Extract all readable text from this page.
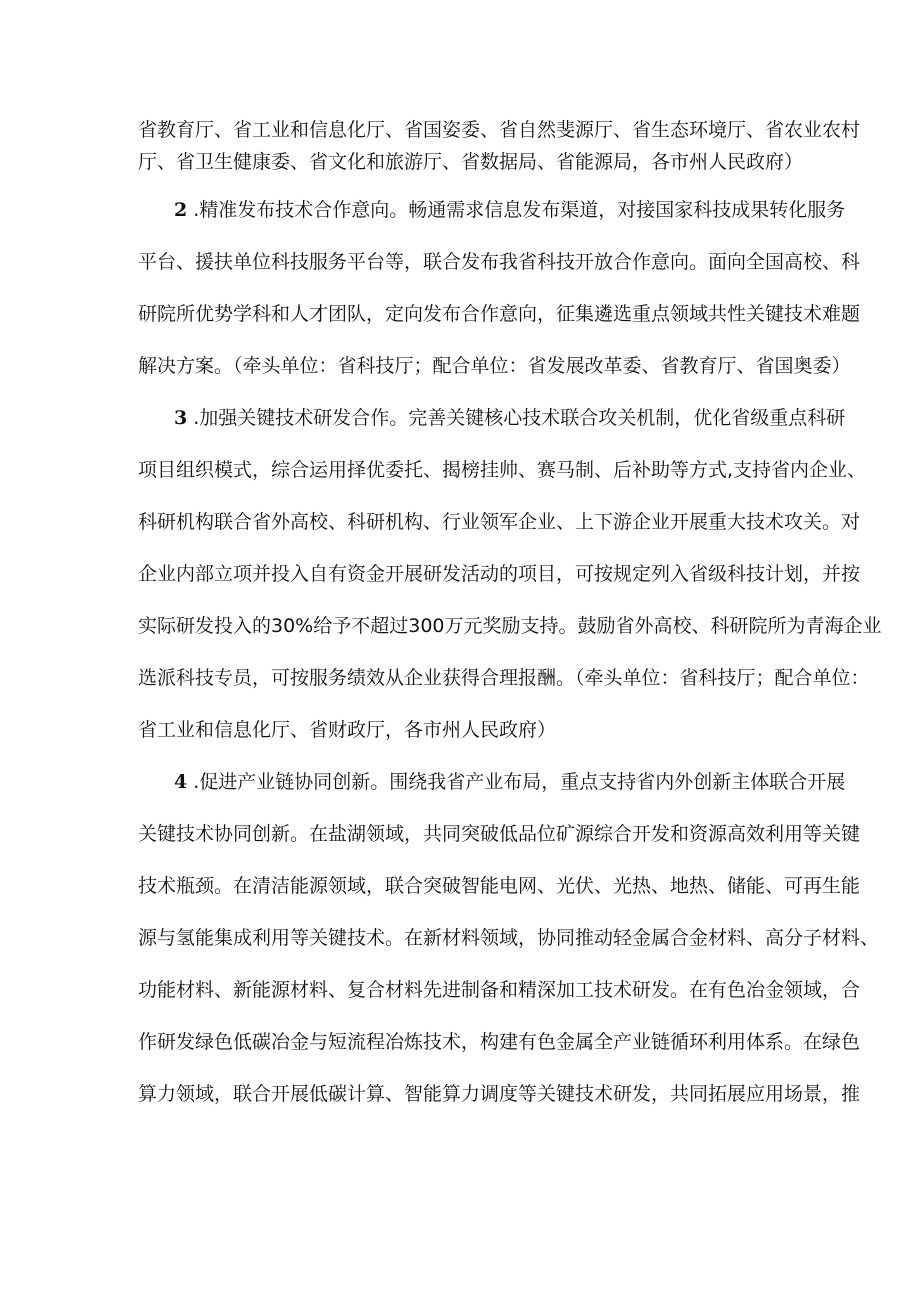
省教育厅、省工业和信息化厅、省国姿委、省自然斐源厅、省生态环境厅、省农业农村
厅、省卫生健康委、省文化和旅游厅、省数据局、省能源局，各市州人民政府）
2 .精准发布技术合作意向。畅通需求信息发布渠道，对接国家科技成果转化服务
平台、援扶单位科技服务平台等，联合发布我省科技开放合作意向。面向全国高校、科
研院所优势学科和人才团队，定向发布合作意向，征集遴选重点领域共性关键技术难题
解决方案。（牵头单位：省科技厅；配合单位：省发展改革委、省教育厅、省国奥委）
3 .加强关键技术研发合作。完善关键核心技术联合攻关机制，优化省级重点科研
项目组织模式，综合运用择优委托、揭榜挂帅、赛马制、后补助等方式,支持省内企业、
科研机构联合省外高校、科研机构、行业领军企业、上下游企业开展重大技术攻关。对
企业内部立项并投入自有资金开展研发活动的项目，可按规定列入省级科技计划，并按
实际研发投入的30%给予不超过300万元奖励支持。鼓励省外高校、科研院所为青海企业
选派科技专员，可按服务绩效从企业获得合理报酬。（牵头单位：省科技厅；配合单位：
省工业和信息化厅、省财政厅，各市州人民政府）
4 .促进产业链协同创新。围绕我省产业布局，重点支持省内外创新主体联合开展
关键技术协同创新。在盐湖领域，共同突破低品位矿源综合开发和资源高效利用等关键
技术瓶颈。在清洁能源领域，联合突破智能电网、光伏、光热、地热、储能、可再生能
源与氢能集成利用等关键技术。在新材料领域，协同推动轻金属合金材料、高分子材料、
功能材料、新能源材料、复合材料先进制备和精深加工技术研发。在有色冶金领域，合
作研发绿色低碳冶金与短流程冶炼技术，构建有色金属全产业链循环利用体系。在绿色
算力领域，联合开展低碳计算、智能算力调度等关键技术研发，共同拓展应用场景，推
